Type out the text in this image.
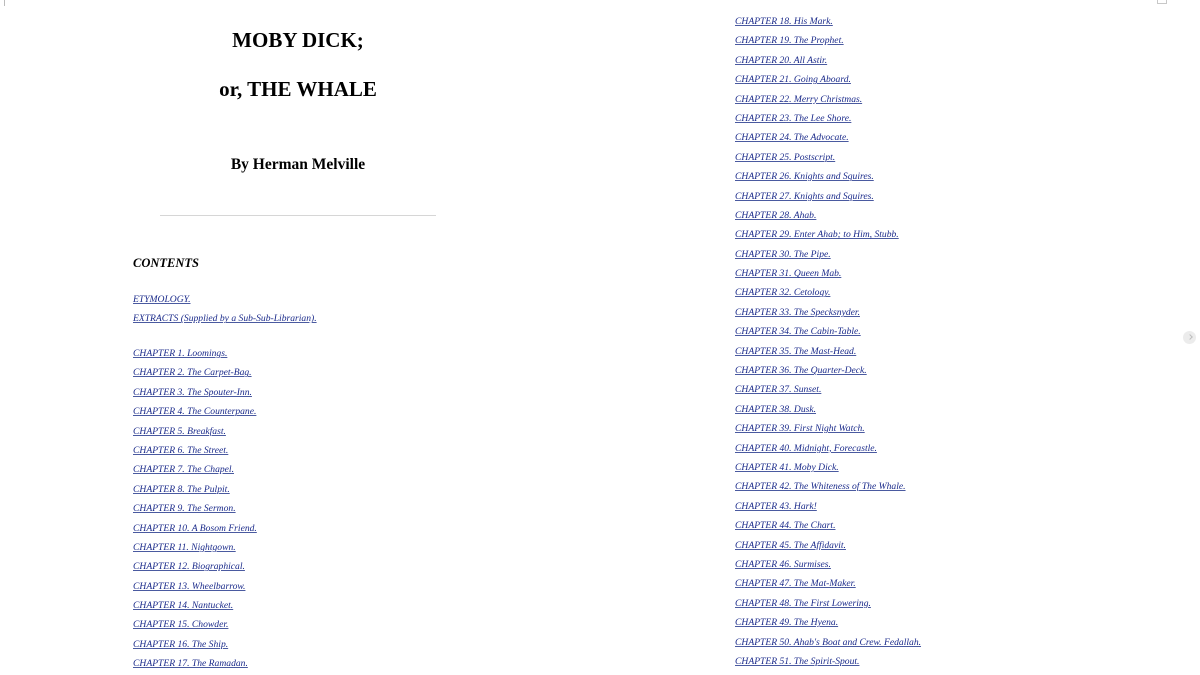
MOBY DICK;
or, THE WHALE
By Herman Melville

CONTENTS

ETYMOLOGY.
EXTRACTS (Supplied by a Sub-Sub-Librarian).
CHAPTER 1. Loomings.
CHAPTER 2. The Carpet-Bag.
CHAPTER 3. The Spouter-Inn.
CHAPTER 4. The Counterpane.
CHAPTER 5. Breakfast.
CHAPTER 6. The Street.
CHAPTER 7. The Chapel.
CHAPTER 8. The Pulpit.
CHAPTER 9. The Sermon.
CHAPTER 10. A Bosom Friend.
CHAPTER 11. Nightgown.
CHAPTER 12. Biographical.
CHAPTER 13. Wheelbarrow.
CHAPTER 14. Nantucket.
CHAPTER 15. Chowder.
CHAPTER 16. The Ship.
CHAPTER 17. The Ramadan.
CHAPTER 18. His Mark.
CHAPTER 19. The Prophet.
CHAPTER 20. All Astir.
CHAPTER 21. Going Aboard.
CHAPTER 22. Merry Christmas.
CHAPTER 23. The Lee Shore.
CHAPTER 24. The Advocate.
CHAPTER 25. Postscript.
CHAPTER 26. Knights and Squires.
CHAPTER 27. Knights and Squires.
CHAPTER 28. Ahab.
CHAPTER 29. Enter Ahab; to Him, Stubb.
CHAPTER 30. The Pipe.
CHAPTER 31. Queen Mab.
CHAPTER 32. Cetology.
CHAPTER 33. The Specksnyder.
CHAPTER 34. The Cabin-Table.
CHAPTER 35. The Mast-Head.
CHAPTER 36. The Quarter-Deck.
CHAPTER 37. Sunset.
CHAPTER 38. Dusk.
CHAPTER 39. First Night Watch.
CHAPTER 40. Midnight, Forecastle.
CHAPTER 41. Moby Dick.
CHAPTER 42. The Whiteness of The Whale.
CHAPTER 43. Hark!
CHAPTER 44. The Chart.
CHAPTER 45. The Affidavit.
CHAPTER 46. Surmises.
CHAPTER 47. The Mat-Maker.
CHAPTER 48. The First Lowering.
CHAPTER 49. The Hyena.
CHAPTER 50. Ahab's Boat and Crew. Fedallah.
CHAPTER 51. The Spirit-Spout.
